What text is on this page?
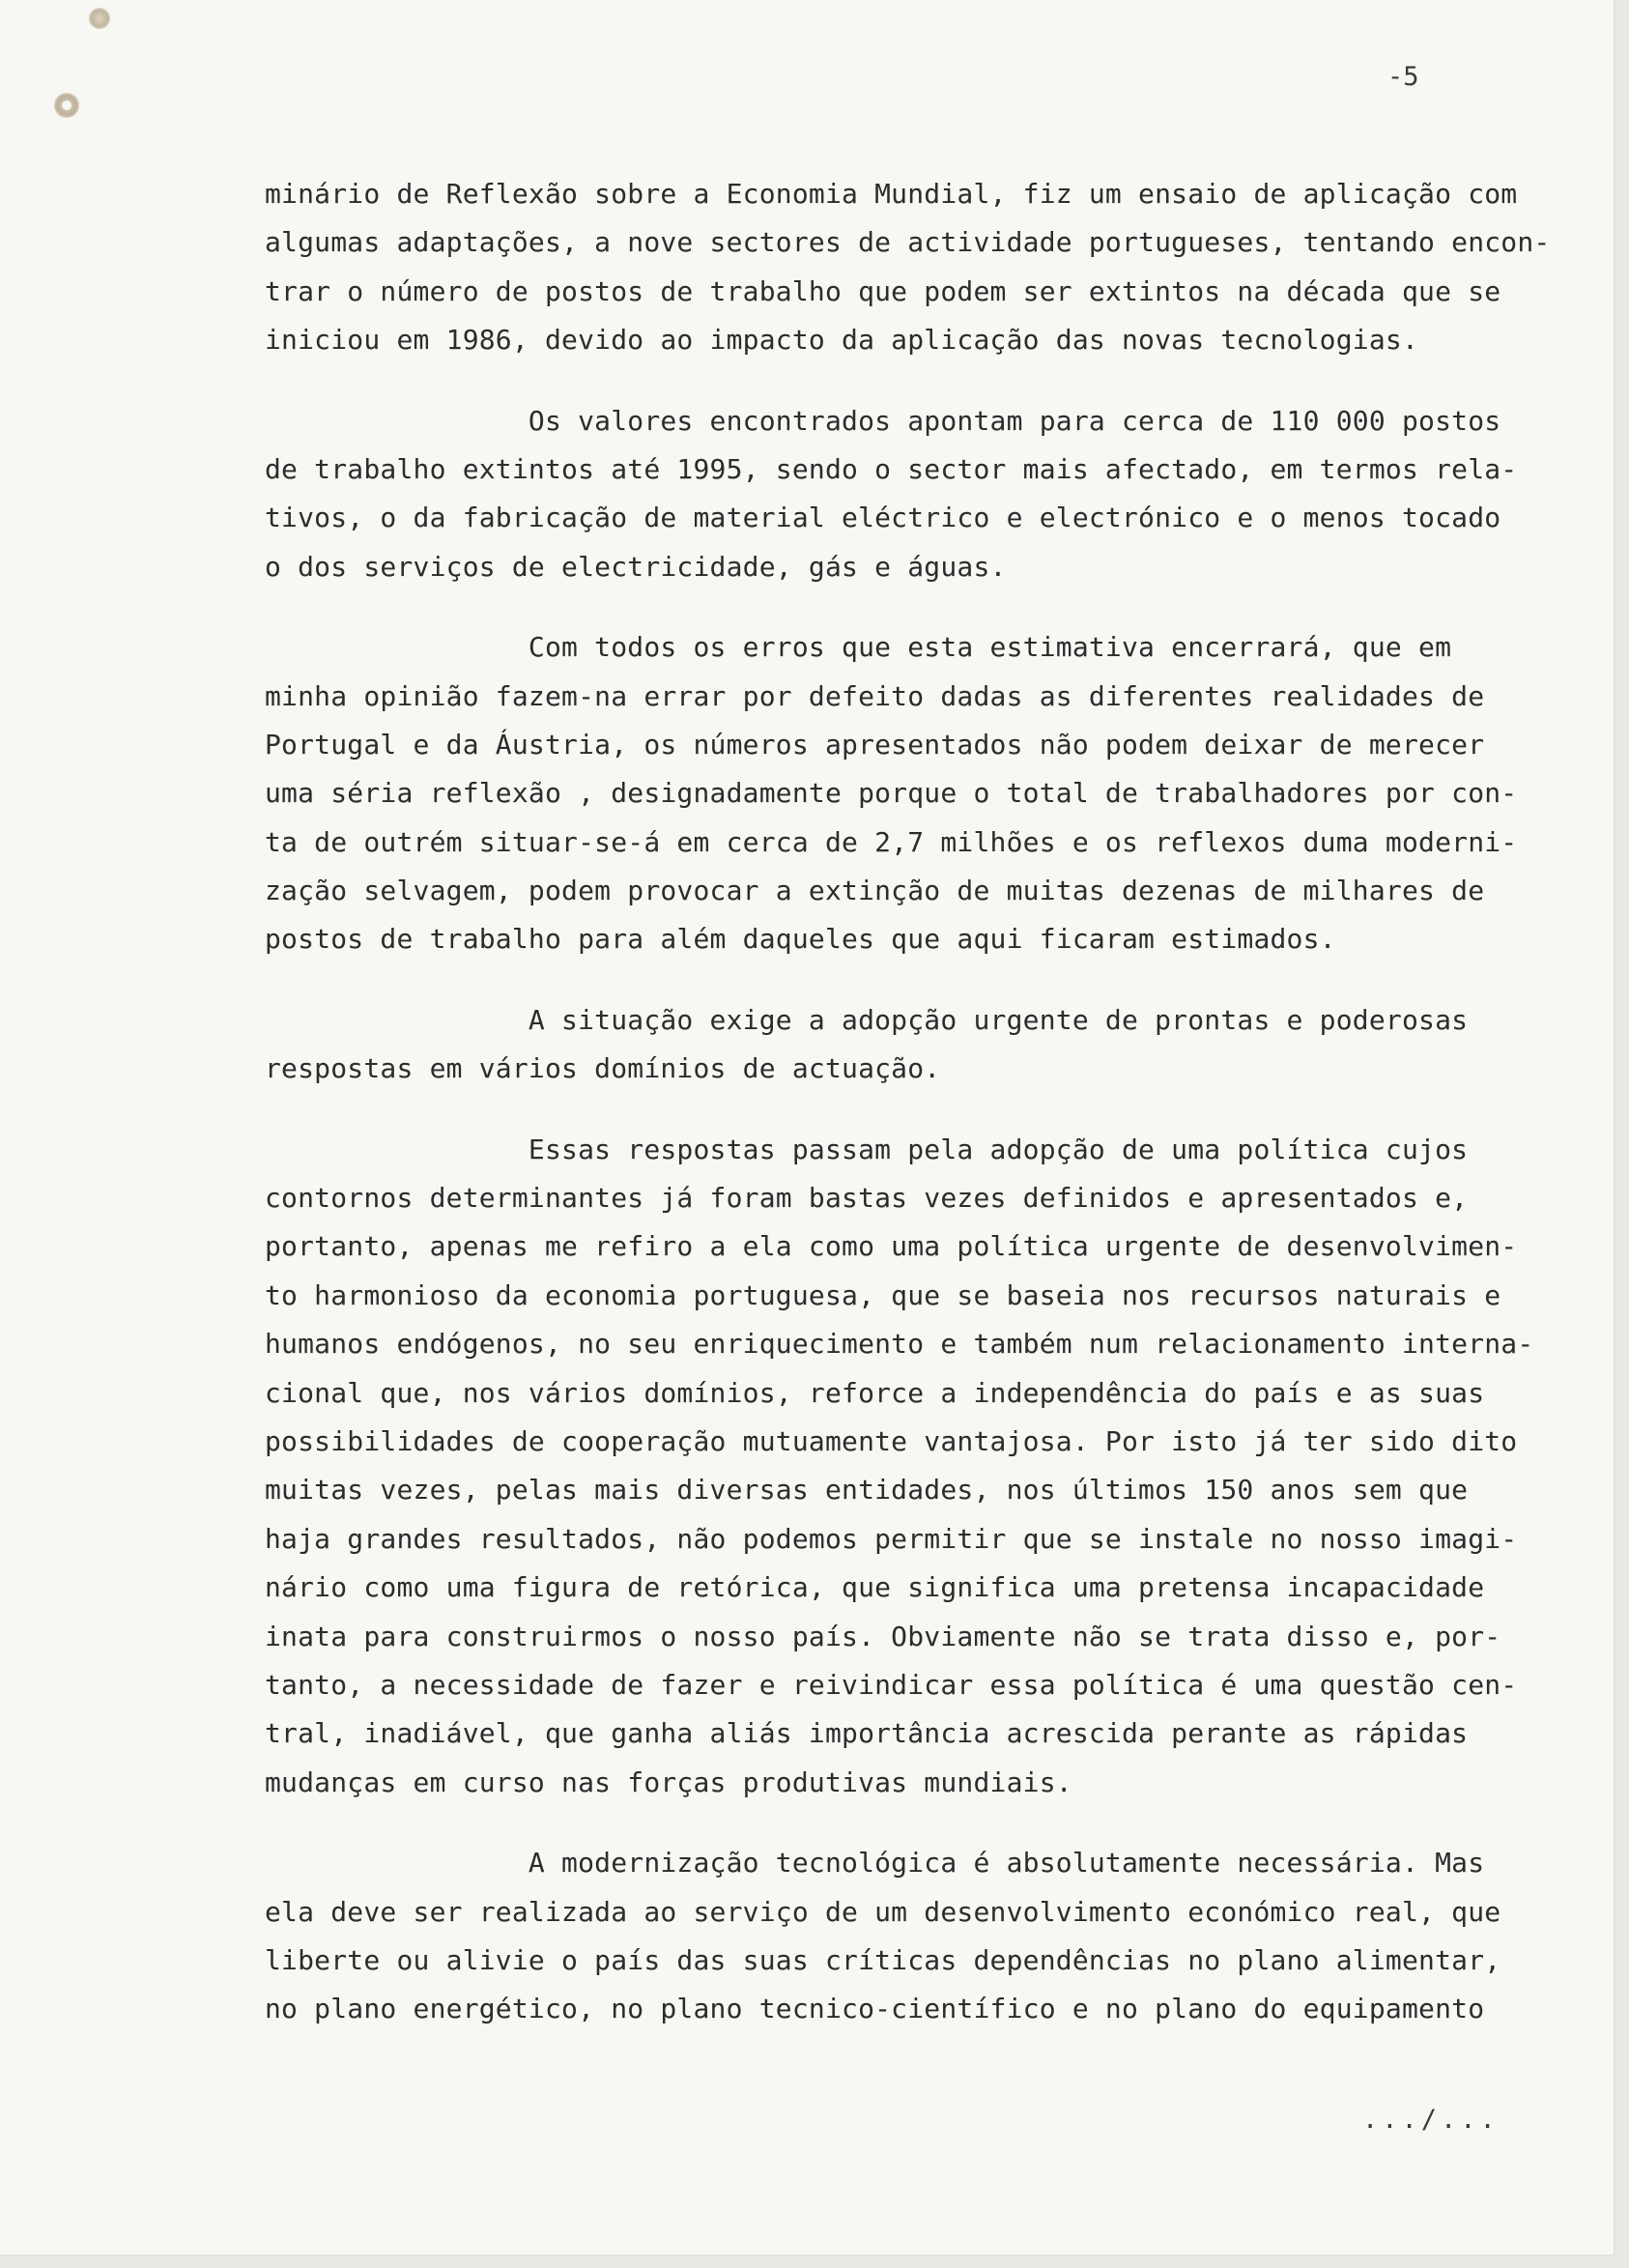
-5
minário de Reflexão sobre a Economia Mundial, fiz um ensaio de aplicação com
algumas adaptações, a nove sectores de actividade portugueses, tentando encon-
trar o número de postos de trabalho que podem ser extintos na década que se
iniciou em 1986, devido ao impacto da aplicação das novas tecnologias.
Os valores encontrados apontam para cerca de 110 000 postos
de trabalho extintos até 1995, sendo o sector mais afectado, em termos rela-
tivos, o da fabricação de material eléctrico e electrónico e o menos tocado
o dos serviços de electricidade, gás e águas.
Com todos os erros que esta estimativa encerrará, que em
minha opinião fazem-na errar por defeito dadas as diferentes realidades de
Portugal e da Áustria, os números apresentados não podem deixar de merecer
uma séria reflexão , designadamente porque o total de trabalhadores por con-
ta de outrém situar-se-á em cerca de 2,7 milhões e os reflexos duma moderni-
zação selvagem, podem provocar a extinção de muitas dezenas de milhares de
postos de trabalho para além daqueles que aqui ficaram estimados.
A situação exige a adopção urgente de prontas e poderosas
respostas em vários domínios de actuação.
Essas respostas passam pela adopção de uma política cujos
contornos determinantes já foram bastas vezes definidos e apresentados e,
portanto, apenas me refiro a ela como uma política urgente de desenvolvimen-
to harmonioso da economia portuguesa, que se baseia nos recursos naturais e
humanos endógenos, no seu enriquecimento e também num relacionamento interna-
cional que, nos vários domínios, reforce a independência do país e as suas
possibilidades de cooperação mutuamente vantajosa. Por isto já ter sido dito
muitas vezes, pelas mais diversas entidades, nos últimos 150 anos sem que
haja grandes resultados, não podemos permitir que se instale no nosso imagi-
nário como uma figura de retórica, que significa uma pretensa incapacidade
inata para construirmos o nosso país. Obviamente não se trata disso e, por-
tanto, a necessidade de fazer e reivindicar essa política é uma questão cen-
tral, inadiável, que ganha aliás importância acrescida perante as rápidas
mudanças em curso nas forças produtivas mundiais.
A modernização tecnológica é absolutamente necessária. Mas
ela deve ser realizada ao serviço de um desenvolvimento económico real, que
liberte ou alivie o país das suas críticas dependências no plano alimentar,
no plano energético, no plano tecnico-científico e no plano do equipamento
.../...
